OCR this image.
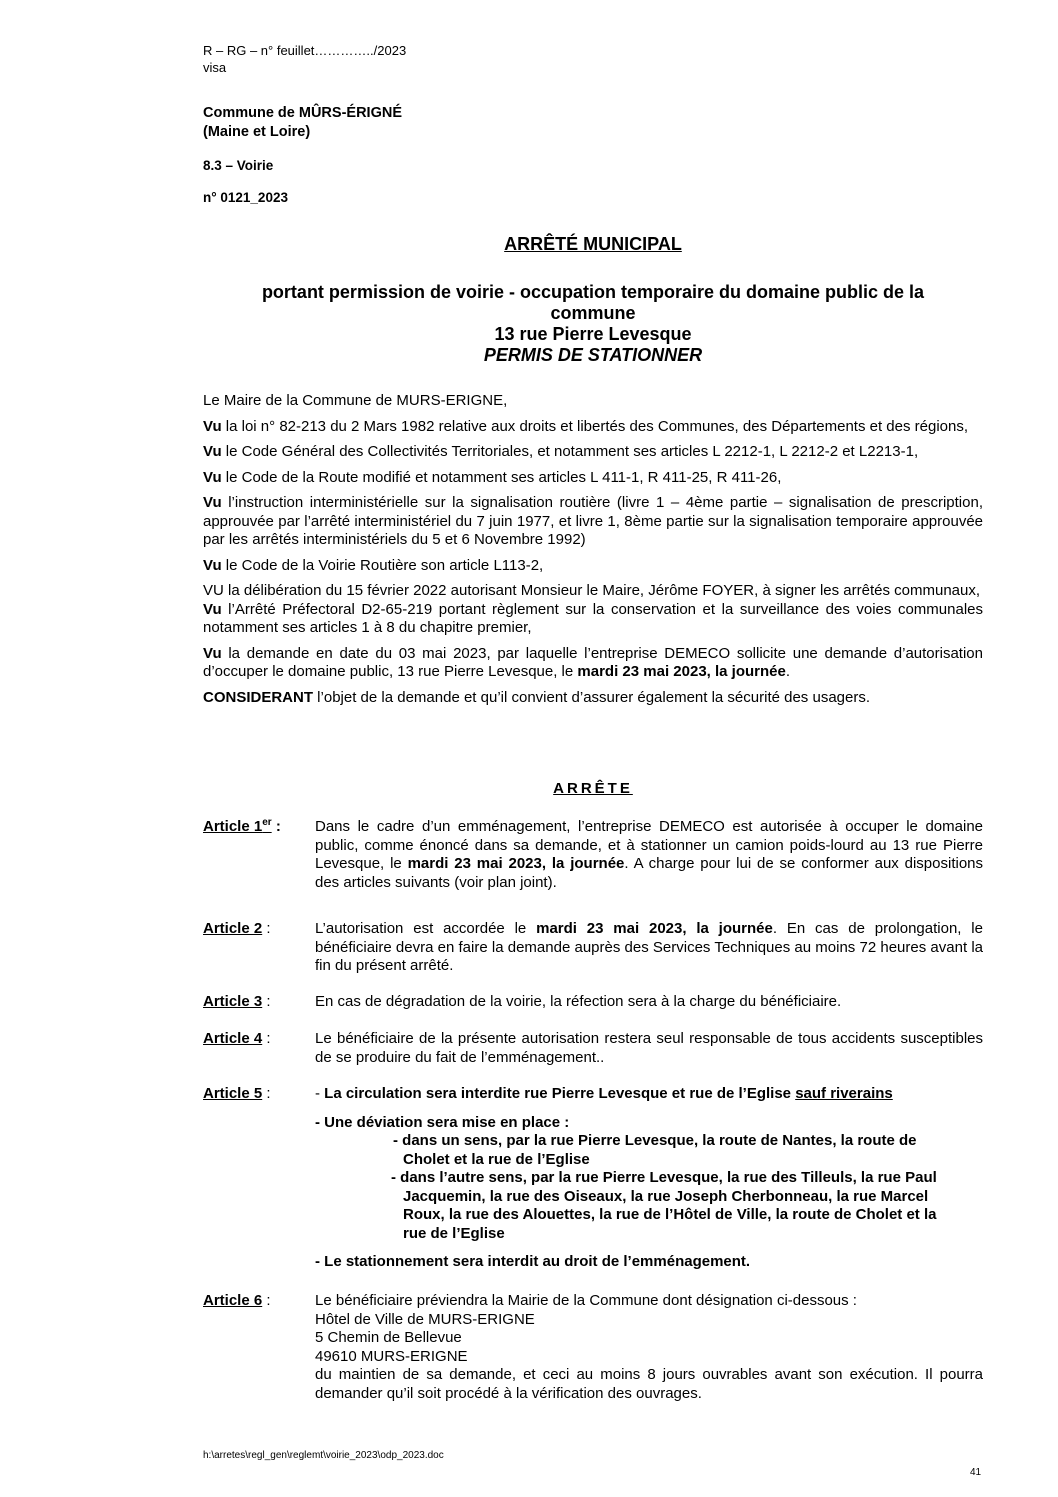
R – RG – n° feuillet…………../2023
visa
Commune de MÛRS-ÉRIGNÉ
(Maine et Loire)
8.3 – Voirie
n° 0121_2023
ARRÊTÉ MUNICIPAL
portant permission de voirie - occupation temporaire du domaine public de la
commune
13 rue Pierre Levesque
PERMIS DE STATIONNER

Le Maire de la Commune de MURS-ERIGNE,

Vu la loi n° 82-213 du 2 Mars 1982 relative aux droits et libertés des Communes, des Départements et des régions,

Vu le Code Général des Collectivités Territoriales, et notamment ses articles L 2212-1, L 2212-2 et L2213-1,

Vu le Code de la Route modifié et notamment ses articles L 411-1, R 411-25, R 411-26,

Vu l’instruction interministérielle sur la signalisation routière (livre 1 – 4ème partie – signalisation de prescription, approuvée par l’arrêté interministériel du 7 juin 1977, et livre 1, 8ème partie sur la signalisation temporaire approuvée par les arrêtés interministériels du 5 et 6 Novembre 1992)

Vu le Code de la Voirie Routière son article L113-2,

VU la délibération du 15 février 2022 autorisant Monsieur le Maire, Jérôme FOYER, à signer les arrêtés communaux,

Vu l’Arrêté Préfectoral D2-65-219 portant règlement sur la conservation et la surveillance des voies communales notamment ses articles 1 à 8 du chapitre premier,

Vu la demande en date du 03 mai 2023, par laquelle l’entreprise DEMECO sollicite une demande d’autorisation d’occuper le domaine public, 13 rue Pierre Levesque, le mardi 23 mai 2023, la journée.

CONSIDERANT l’objet de la demande et qu’il convient d’assurer également la sécurité des usagers.

ARRÊTE
Article 1er :	Dans le cadre d’un emménagement, l’entreprise DEMECO est autorisée à occuper le domaine public, comme énoncé dans sa demande, et à stationner un camion poids-lourd au 13 rue Pierre Levesque, le mardi 23 mai 2023, la journée. A charge pour lui de se conformer aux dispositions des articles suivants (voir plan joint).
Article 2 :	L’autorisation est accordée le mardi 23 mai 2023, la journée. En cas de prolongation, le bénéficiaire devra en faire la demande auprès des Services Techniques au moins 72 heures avant la fin du présent arrêté.
Article 3 :	En cas de dégradation de la voirie, la réfection sera à la charge du bénéficiaire.
Article 4 :	Le bénéficiaire de la présente autorisation restera seul responsable de tous accidents susceptibles de se produire du fait de l’emménagement..
Article 5 :	- La circulation sera interdite rue Pierre Levesque et rue de l’Eglise sauf riverains

- Une déviation sera mise en place :
- dans un sens, par la rue Pierre Levesque, la route de Nantes, la route de
Cholet et la rue de l’Eglise
- dans l’autre sens, par la rue Pierre Levesque, la rue des Tilleuls, la rue Paul
Jacquemin, la rue des Oiseaux, la rue Joseph Cherbonneau, la rue Marcel
Roux, la rue des Alouettes, la rue de l’Hôtel de Ville, la route de Cholet et la
rue de l’Eglise

- Le stationnement sera interdit au droit de l’emménagement.

Article 6 :	Le bénéficiaire préviendra la Mairie de la Commune dont désignation ci-dessous :
Hôtel de Ville de MURS-ERIGNE
5 Chemin de Bellevue
49610 MURS-ERIGNE
du maintien de sa demande, et ceci au moins 8 jours ouvrables avant son exécution. Il pourra demander qu’il soit procédé à la vérification des ouvrages.
h:\arretes\regl_gen\reglemt\voirie_2023\odp_2023.doc
41
